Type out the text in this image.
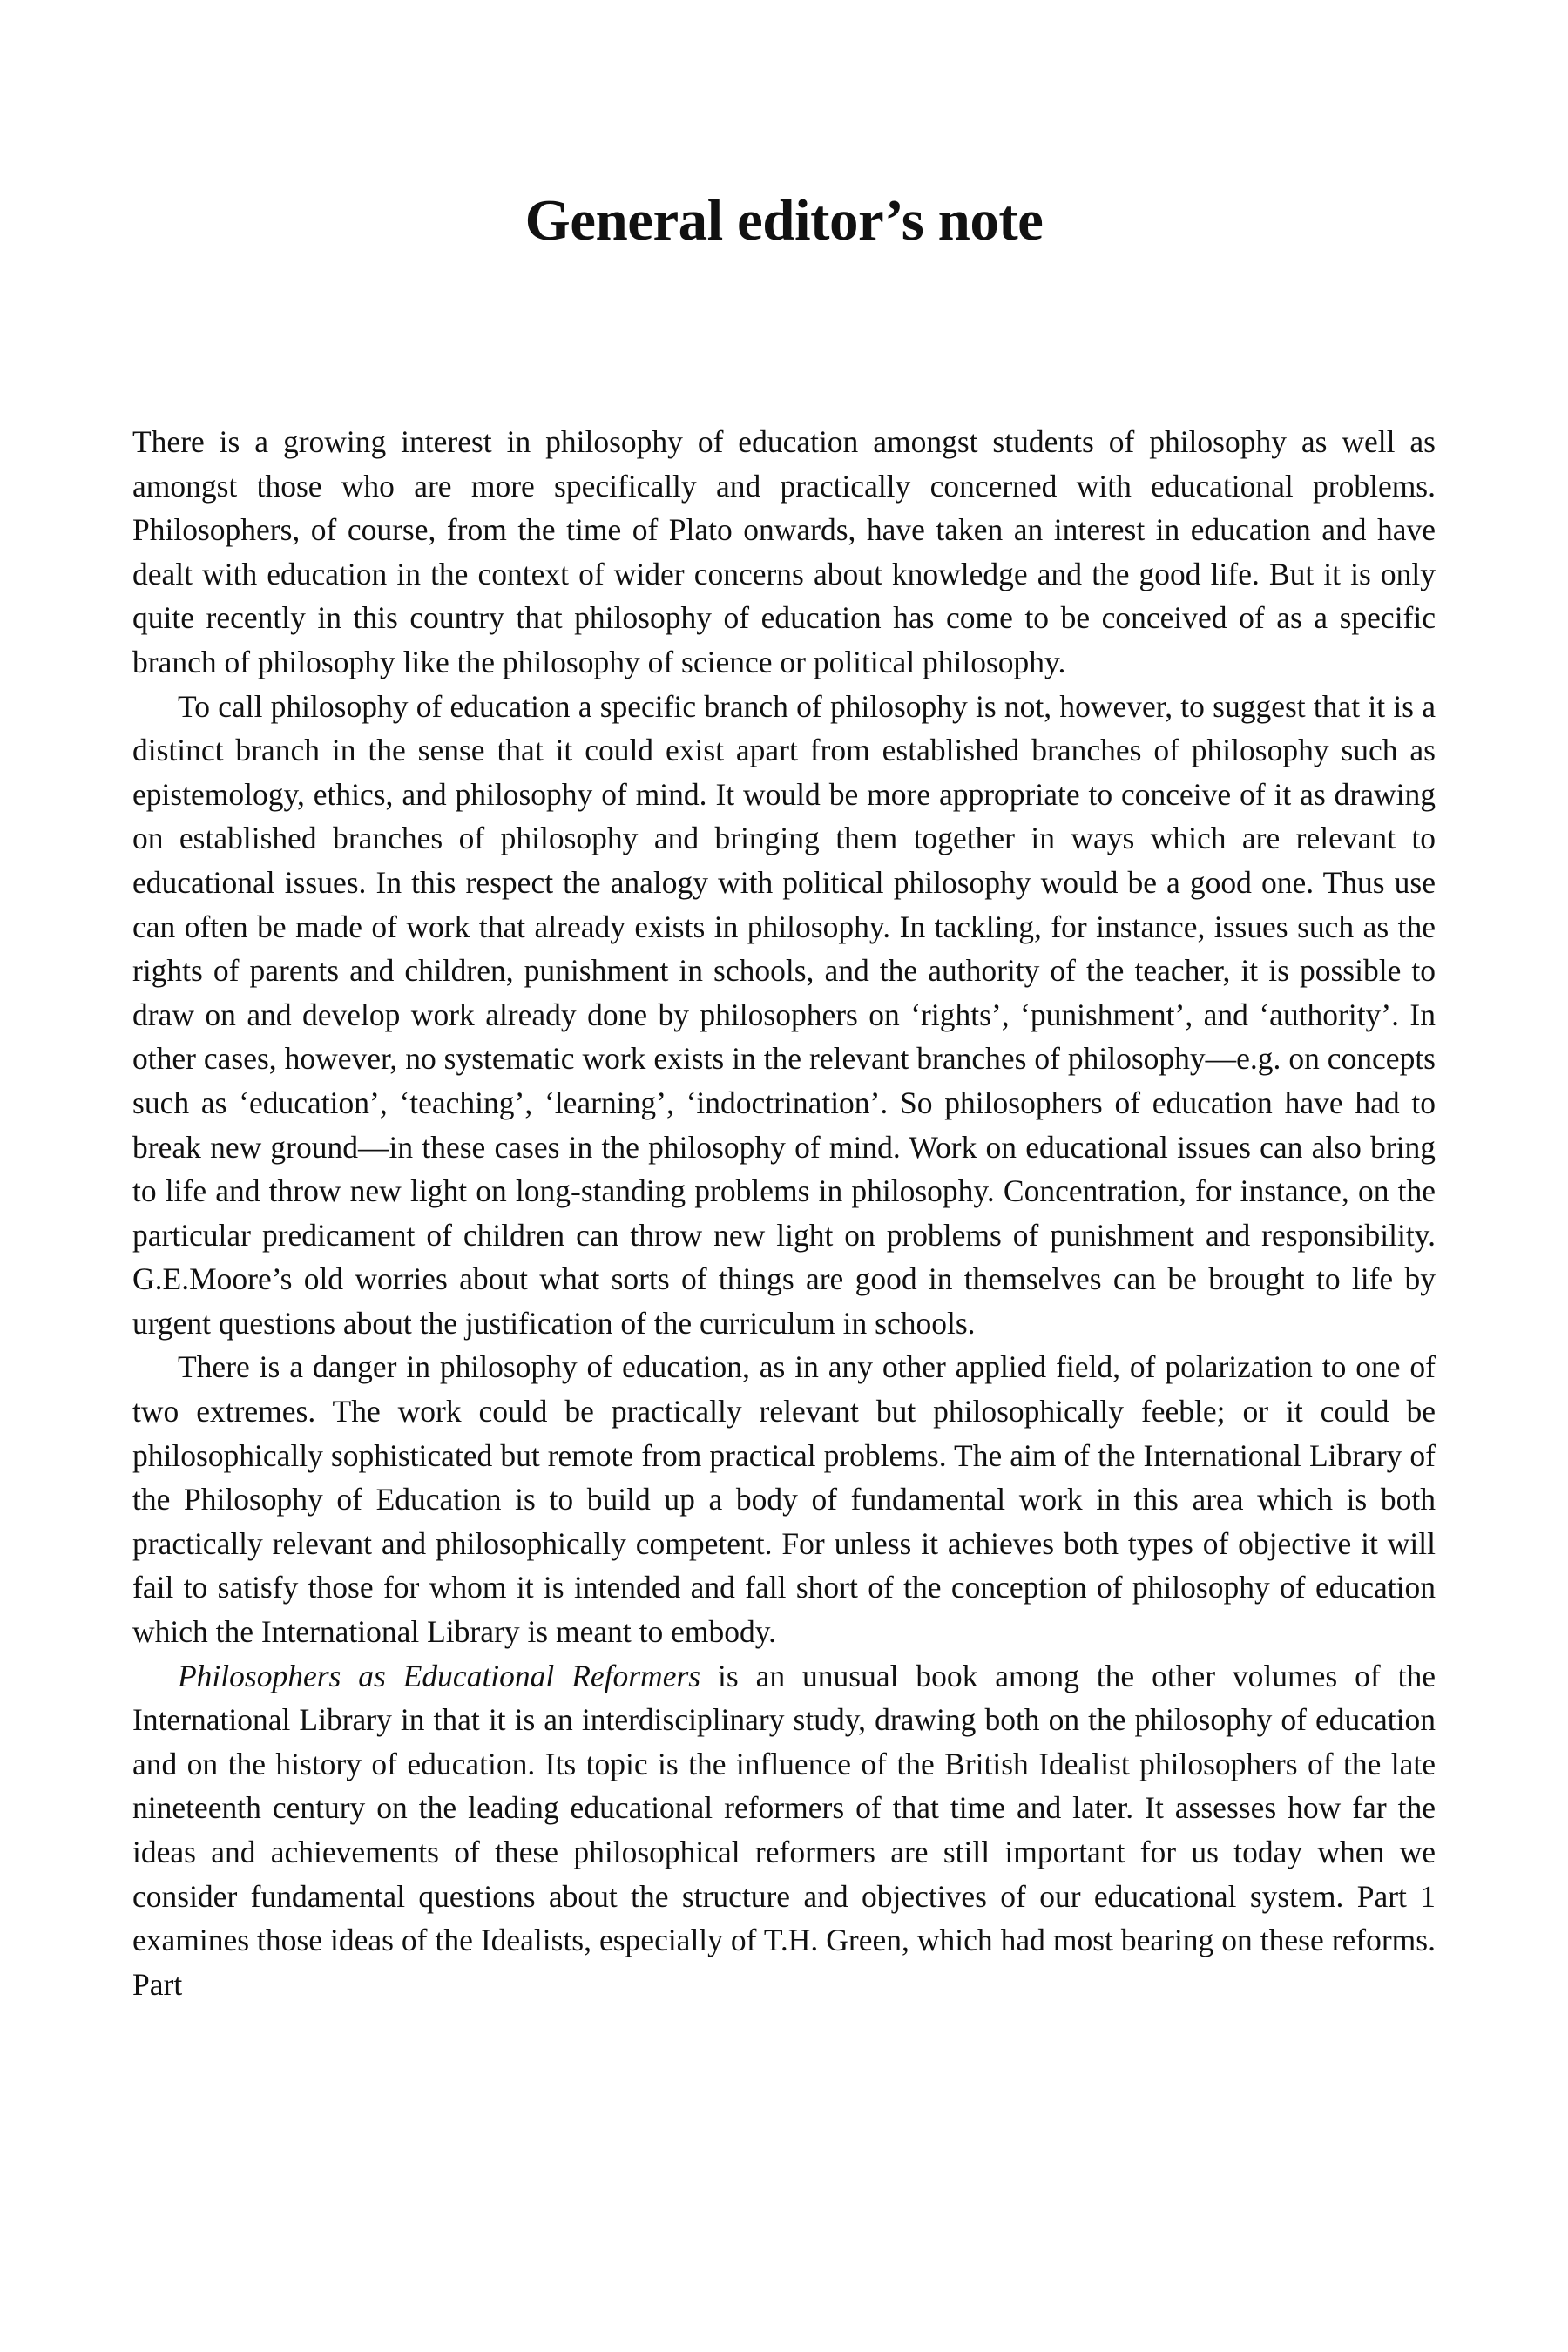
General editor’s note

There is a growing interest in philosophy of education amongst students of philosophy as well as amongst those who are more specifically and practically concerned with educational problems. Philosophers, of course, from the time of Plato onwards, have taken an interest in education and have dealt with education in the context of wider concerns about knowledge and the good life. But it is only quite recently in this country that philosophy of education has come to be conceived of as a specific branch of philosophy like the philosophy of science or political philosophy.

To call philosophy of education a specific branch of philosophy is not, however, to suggest that it is a distinct branch in the sense that it could exist apart from established branches of philosophy such as epistemology, ethics, and philosophy of mind. It would be more appropriate to conceive of it as drawing on established branches of philosophy and bringing them together in ways which are relevant to educational issues. In this respect the analogy with political philosophy would be a good one. Thus use can often be made of work that already exists in philosophy. In tackling, for instance, issues such as the rights of parents and children, punishment in schools, and the authority of the teacher, it is possible to draw on and develop work already done by philosophers on ‘rights’, ‘punishment’, and ‘authority’. In other cases, however, no systematic work exists in the relevant branches of philosophy—e.g. on concepts such as ‘education’, ‘teaching’, ‘learning’, ‘indoctrination’. So philosophers of education have had to break new ground—in these cases in the philosophy of mind. Work on educational issues can also bring to life and throw new light on long-standing problems in philosophy. Concentration, for instance, on the particular predicament of children can throw new light on problems of punishment and responsibility. G.E.Moore’s old worries about what sorts of things are good in themselves can be brought to life by urgent questions about the justification of the curriculum in schools.

There is a danger in philosophy of education, as in any other applied field, of polarization to one of two extremes. The work could be practically relevant but philosophically feeble; or it could be philosophically sophisticated but remote from practical problems. The aim of the International Library of the Philosophy of Education is to build up a body of fundamental work in this area which is both practically relevant and philosophically competent. For unless it achieves both types of objective it will fail to satisfy those for whom it is intended and fall short of the conception of philosophy of education which the International Library is meant to embody.

Philosophers as Educational Reformers is an unusual book among the other volumes of the International Library in that it is an interdisciplinary study, drawing both on the philosophy of education and on the history of education. Its topic is the influence of the British Idealist philosophers of the late nineteenth century on the leading educational reformers of that time and later. It assesses how far the ideas and achievements of these philosophical reformers are still important for us today when we consider fundamental questions about the structure and objectives of our educational system. Part 1 examines those ideas of the Idealists, especially of T.H. Green, which had most bearing on these reforms. Part
